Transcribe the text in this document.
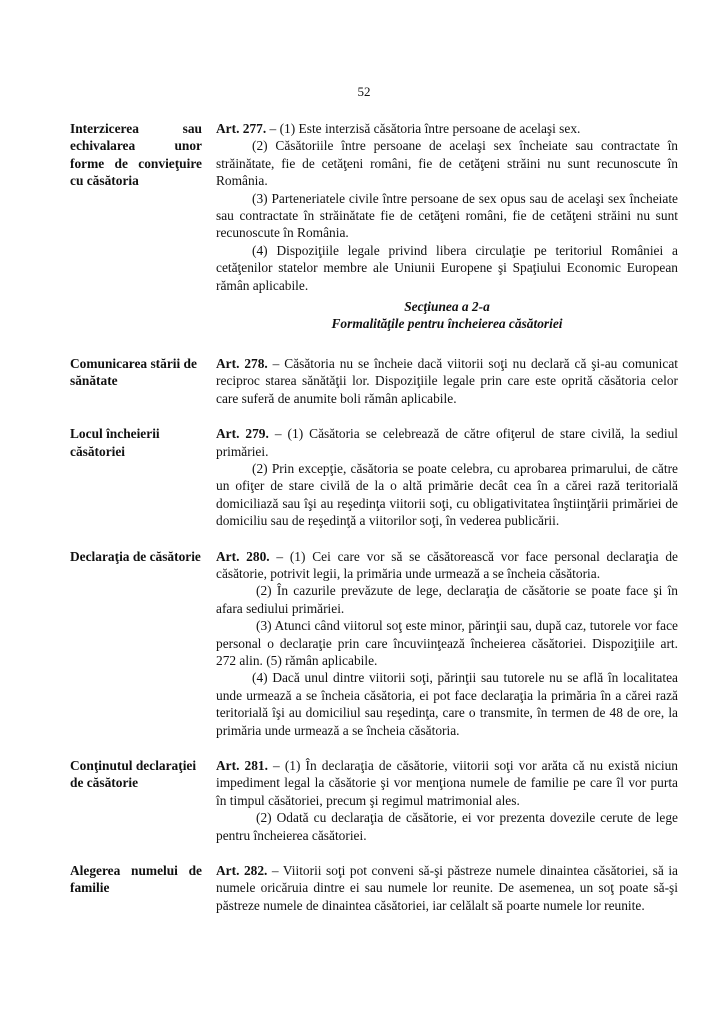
52
Interzicerea sau echivalarea unor forme de convieţuire cu căsătoria

Art. 277. – (1) Este interzisă căsătoria între persoane de acelaşi sex.

(2) Căsătoriile între persoane de acelaşi sex încheiate sau contractate în străinătate, fie de cetăţeni români, fie de cetăţeni străini nu sunt recunoscute în România.

(3) Parteneriatele civile între persoane de sex opus sau de acelaşi sex încheiate sau contractate în străinătate fie de cetăţeni români, fie de cetăţeni străini nu sunt recunoscute în România.

(4) Dispoziţiile legale privind libera circulaţie pe teritoriul României a cetăţenilor statelor membre ale Uniunii Europene şi Spaţiului Economic European rămân aplicabile.

Secţiunea a 2-a
Formalităţile pentru încheierea căsătoriei
Comunicarea stării de sănătate

Art. 278. – Căsătoria nu se încheie dacă viitorii soţi nu declară că şi-au comunicat reciproc starea sănătăţii lor. Dispoziţiile legale prin care este oprită căsătoria celor care suferă de anumite boli rămân aplicabile.

Locul încheierii căsătoriei

Art. 279. – (1) Căsătoria se celebrează de către ofiţerul de stare civilă, la sediul primăriei.

(2) Prin excepţie, căsătoria se poate celebra, cu aprobarea primarului, de către un ofiţer de stare civilă de la o altă primărie decât cea în a cărei rază teritorială domiciliază sau îşi au reşedinţa viitorii soţi, cu obligativitatea înştiinţării primăriei de domiciliu sau de reşedinţă a viitorilor soţi, în vederea publicării.

Declaraţia de căsătorie Art. 280. – (1) Cei care vor să se căsătorească vor face personal declaraţia de căsătorie, potrivit legii, la primăria unde urmează a se încheia căsătoria.

(2) În cazurile prevăzute de lege, declaraţia de căsătorie se poate face şi în afara sediului primăriei.

(3) Atunci când viitorul soţ este minor, părinţii sau, după caz, tutorele vor face personal o declaraţie prin care încuviinţează încheierea căsătoriei. Dispoziţiile art. 272 alin. (5) rămân aplicabile.

(4) Dacă unul dintre viitorii soţi, părinţii sau tutorele nu se află în localitatea unde urmează a se încheia căsătoria, ei pot face declaraţia la primăria în a cărei rază teritorială îşi au domiciliul sau reşedinţa, care o transmite, în termen de 48 de ore, la primăria unde urmează a se încheia căsătoria.

Conţinutul declaraţiei de căsătorie

Art. 281. – (1) În declaraţia de căsătorie, viitorii soţi vor arăta că nu există niciun impediment legal la căsătorie şi vor menţiona numele de familie pe care îl vor purta în timpul căsătoriei, precum şi regimul matrimonial ales.

(2) Odată cu declaraţia de căsătorie, ei vor prezenta dovezile cerute de lege pentru încheierea căsătoriei.

Alegerea numelui de familie

Art. 282. – Viitorii soţi pot conveni să-şi păstreze numele dinaintea căsătoriei, să ia numele oricăruia dintre ei sau numele lor reunite. De asemenea, un soţ poate să-şi păstreze numele de dinaintea căsătoriei, iar celălalt să poarte numele lor reunite.
